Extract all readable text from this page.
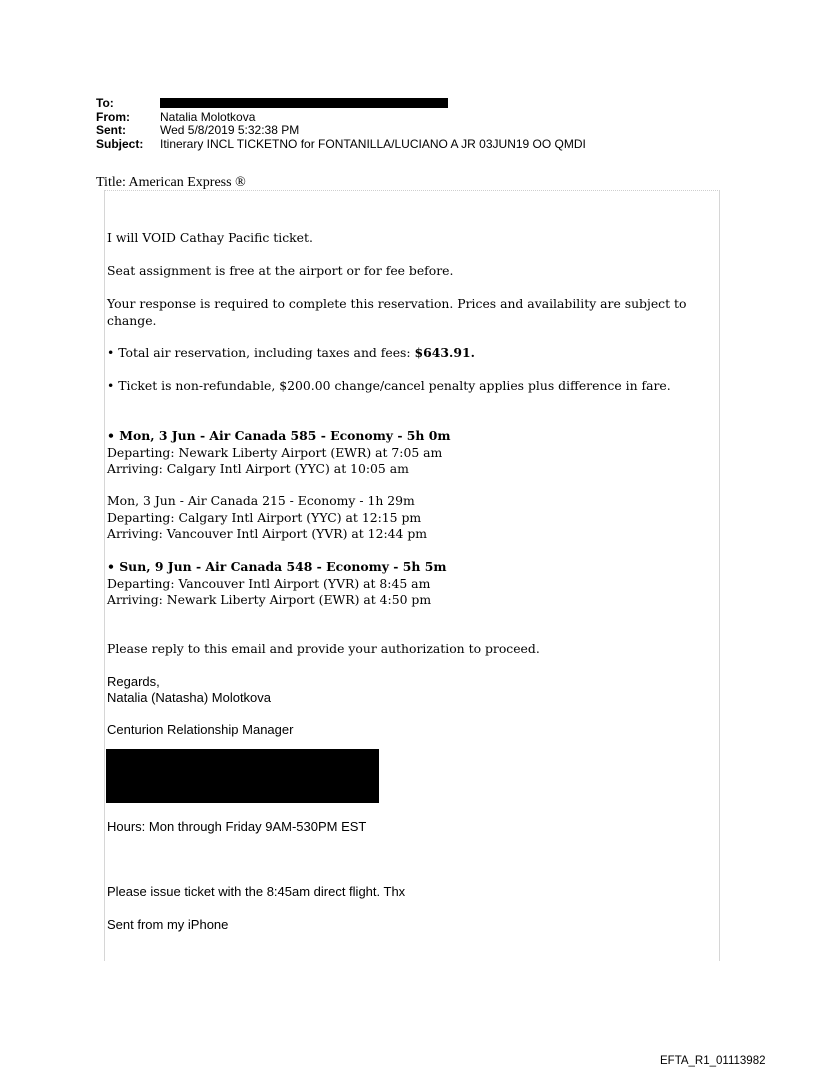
To:
From:	Natalia Molotkova
Sent:	Wed 5/8/2019 5:32:38 PM
Subject:	Itinerary INCL TICKETNO for FONTANILLA/LUCIANO A JR 03JUN19 OO QMDI
Title: American Express ®
I will VOID Cathay Pacific ticket.
Seat assignment is free at the airport or for fee before.
Your response is required to complete this reservation. Prices and availability are subject to change.
• Total air reservation, including taxes and fees: $643.91.
• Ticket is non-refundable, $200.00 change/cancel penalty applies plus difference in fare.
• Mon, 3 Jun - Air Canada 585 - Economy - 5h 0m
Departing: Newark Liberty Airport (EWR) at 7:05 am
Arriving: Calgary Intl Airport (YYC) at 10:05 am
Mon, 3 Jun - Air Canada 215 - Economy - 1h 29m
Departing: Calgary Intl Airport (YYC) at 12:15 pm
Arriving: Vancouver Intl Airport (YVR) at 12:44 pm
• Sun, 9 Jun - Air Canada 548 - Economy - 5h 5m
Departing: Vancouver Intl Airport (YVR) at 8:45 am
Arriving: Newark Liberty Airport (EWR) at 4:50 pm
Please reply to this email and provide your authorization to proceed.
Regards,
Natalia (Natasha) Molotkova
Centurion Relationship Manager
Hours: Mon through Friday 9AM-530PM EST
Please issue ticket with the 8:45am direct flight. Thx
Sent from my iPhone
EFTA_R1_01113982
